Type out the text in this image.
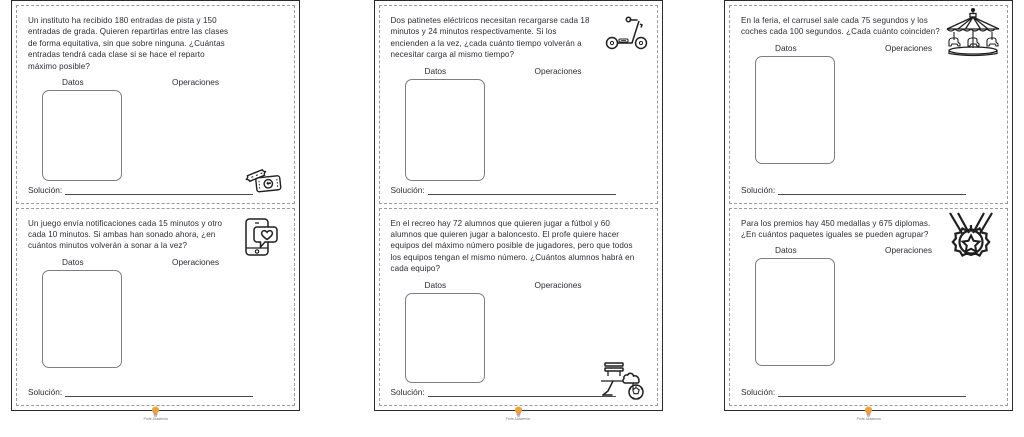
Un instituto ha recibido 180 entradas de pista y 150 entradas de grada. Quieren repartirlas entre las clases de forma equitativa, sin que sobre ninguna. ¿Cuántas entradas tendrá cada clase si se hace el reparto máximo posible?
Datos	Operaciones
Solución:
Un juego envía notificaciones cada 15 minutos y otro cada 10 minutos. Si ambas han sonado ahora, ¿en cuántos minutos volverán a sonar a la vez?
Datos	Operaciones
Solución:
Profe Academia
Dos patinetes eléctricos necesitan recargarse cada 18 minutos y 24 minutos respectivamente. Si los encienden a la vez, ¿cada cuánto tiempo volverán a necesitar carga al mismo tiempo?
Datos	Operaciones
Solución:
En el recreo hay 72 alumnos que quieren jugar a fútbol y 60 alumnos que quieren jugar a baloncesto. El profe quiere hacer equipos del máximo número posible de jugadores, pero que todos los equipos tengan el mismo número. ¿Cuántos alumnos habrá en cada equipo?
Datos	Operaciones
Solución:
Profe Academia
En la feria, el carrusel sale cada 75 segundos y los coches cada 100 segundos. ¿Cada cuánto coinciden?
Datos	Operaciones
Solución:
Para los premios hay 450 medallas y 675 diplomas. ¿En cuántos paquetes iguales se pueden agrupar?
Datos	Operaciones
Solución:
Profe Academia
